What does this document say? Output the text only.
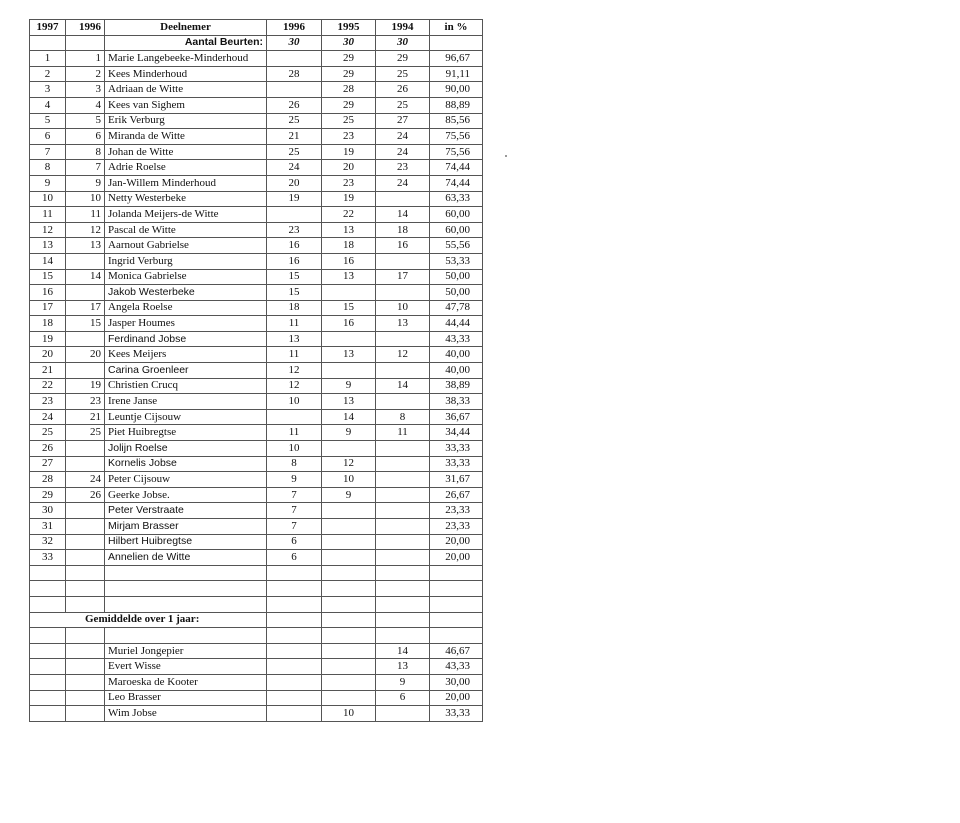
1997	1996	Deelnemer	1996	1995	1994	in %
		Aantal Beurten:	30	30	30	
1	1	Marie Langebeeke-Minderhoud		29	29	96,67
2	2	Kees Minderhoud	28	29	25	91,11
3	3	Adriaan de Witte		28	26	90,00
4	4	Kees van Sighem	26	29	25	88,89
5	5	Erik Verburg	25	25	27	85,56
6	6	Miranda de Witte	21	23	24	75,56
7	8	Johan de Witte	25	19	24	75,56
8	7	Adrie Roelse	24	20	23	74,44
9	9	Jan-Willem Minderhoud	20	23	24	74,44
10	10	Netty Westerbeke	19	19		63,33
11	11	Jolanda Meijers-de Witte		22	14	60,00
12	12	Pascal de Witte	23	13	18	60,00
13	13	Aarnout Gabrielse	16	18	16	55,56
14		Ingrid Verburg	16	16		53,33
15	14	Monica Gabrielse	15	13	17	50,00
16		Jakob Westerbeke	15			50,00
17	17	Angela Roelse	18	15	10	47,78
18	15	Jasper Houmes	11	16	13	44,44
19		Ferdinand Jobse	13			43,33
20	20	Kees Meijers	11	13	12	40,00
21		Carina Groenleer	12			40,00
22	19	Christien Crucq	12	9	14	38,89
23	23	Irene Janse	10	13		38,33
24	21	Leuntje Cijsouw		14	8	36,67
25	25	Piet Huibregtse	11	9	11	34,44
26		Jolijn Roelse	10			33,33
27		Kornelis Jobse	8	12		33,33
28	24	Peter Cijsouw	9	10		31,67
29	26	Geerke Jobse.	7	9		26,67
30		Peter Verstraate	7			23,33
31		Mirjam Brasser	7			23,33
32		Hilbert Huibregtse	6			20,00
33		Annelien de Witte	6			20,00

Gemiddelde over 1 jaar:						

		Muriel Jongepier			14	46,67
		Evert Wisse			13	43,33
		Maroeska de Kooter			9	30,00
		Leo Brasser			6	20,00
		Wim Jobse		10		33,33
